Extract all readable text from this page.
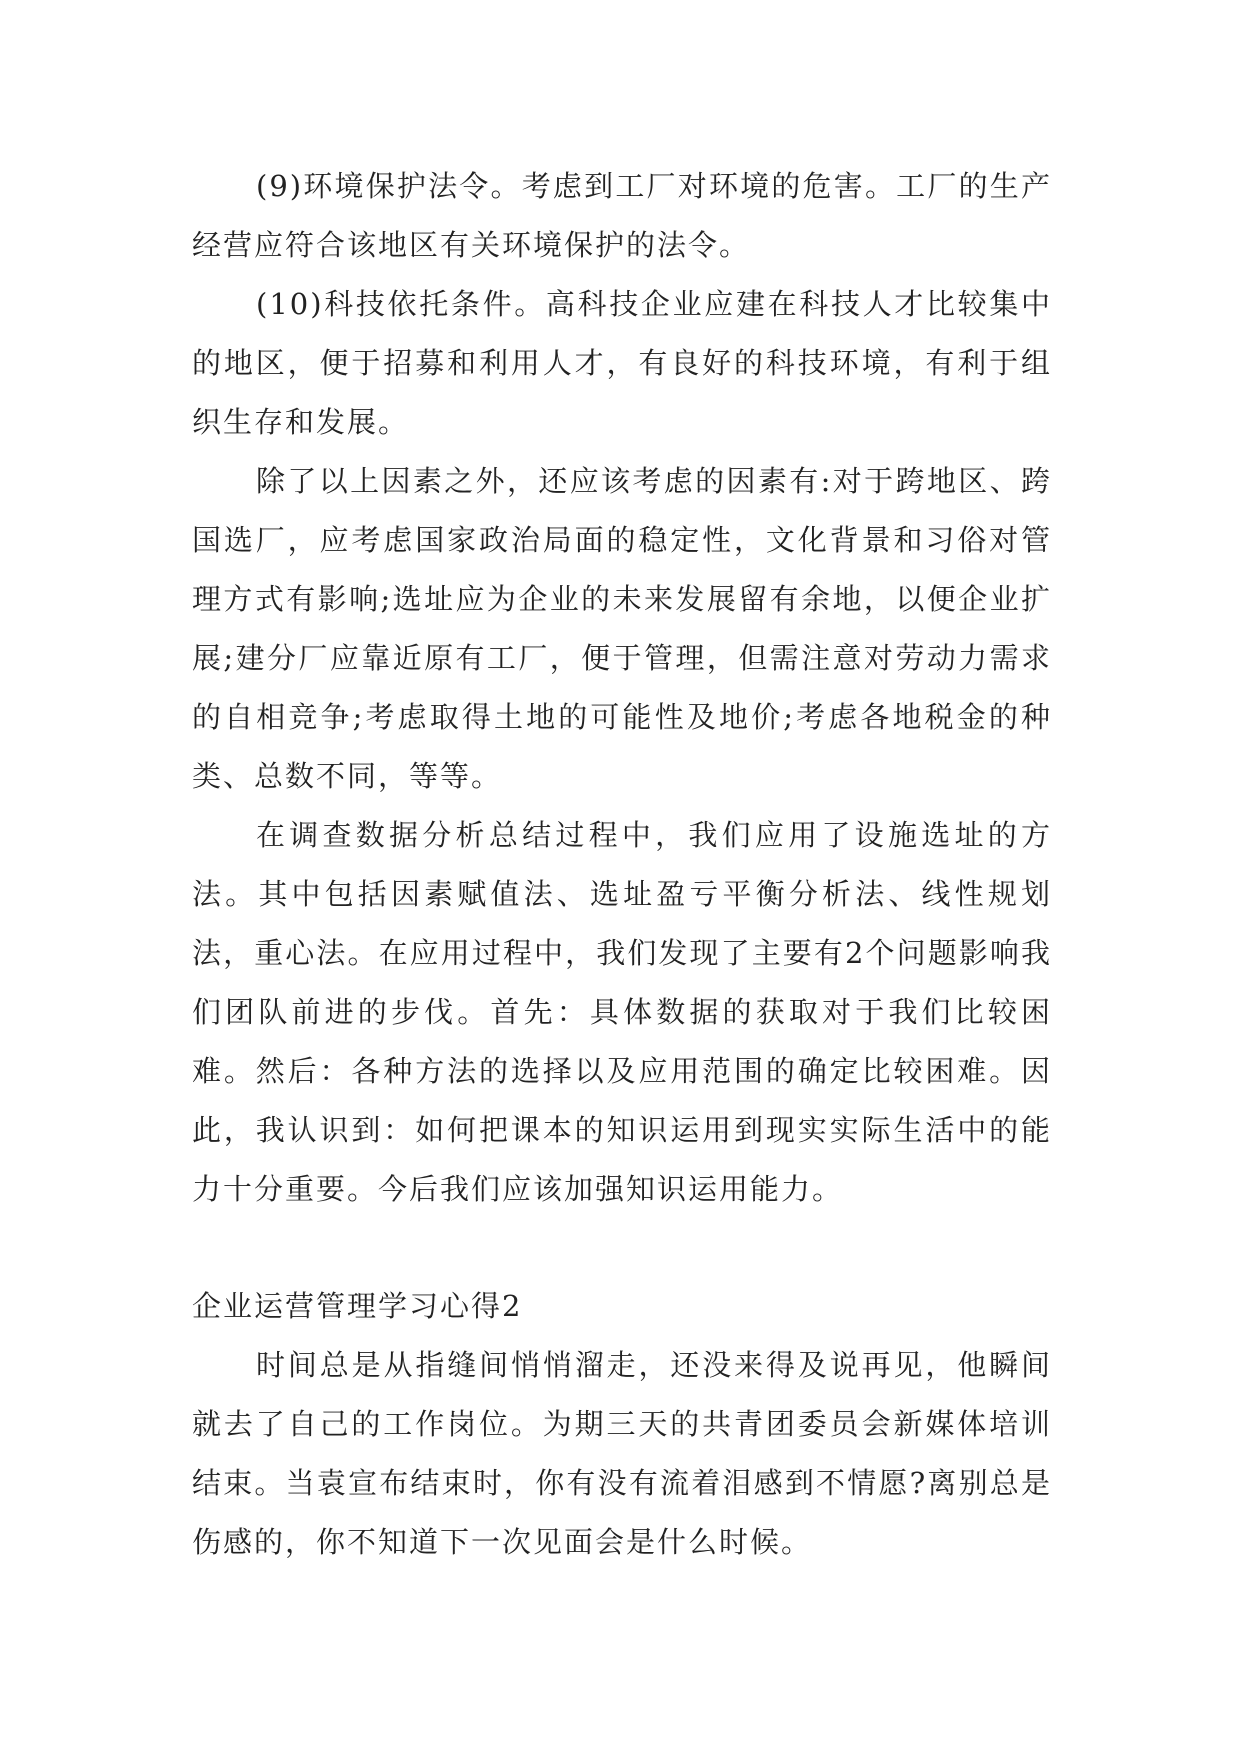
(9)环境保护法令。考虑到工厂对环境的危害。工厂的生产经营应符合该地区有关环境保护的法令。

(10)科技依托条件。高科技企业应建在科技人才比较集中的地区，便于招募和利用人才，有良好的科技环境，有利于组织生存和发展。

除了以上因素之外，还应该考虑的因素有:对于跨地区、跨国选厂，应考虑国家政治局面的稳定性，文化背景和习俗对管理方式有影响;选址应为企业的未来发展留有余地，以便企业扩展;建分厂应靠近原有工厂，便于管理，但需注意对劳动力需求的自相竞争;考虑取得土地的可能性及地价;考虑各地税金的种类、总数不同，等等。

在调查数据分析总结过程中，我们应用了设施选址的方法。其中包括因素赋值法、选址盈亏平衡分析法、线性规划法，重心法。在应用过程中，我们发现了主要有2个问题影响我们团队前进的步伐。首先：具体数据的获取对于我们比较困难。然后：各种方法的选择以及应用范围的确定比较困难。因此，我认识到：如何把课本的知识运用到现实实际生活中的能力十分重要。今后我们应该加强知识运用能力。

企业运营管理学习心得2

时间总是从指缝间悄悄溜走，还没来得及说再见，他瞬间就去了自己的工作岗位。为期三天的共青团委员会新媒体培训结束。当袁宣布结束时，你有没有流着泪感到不情愿?离别总是伤感的，你不知道下一次见面会是什么时候。
